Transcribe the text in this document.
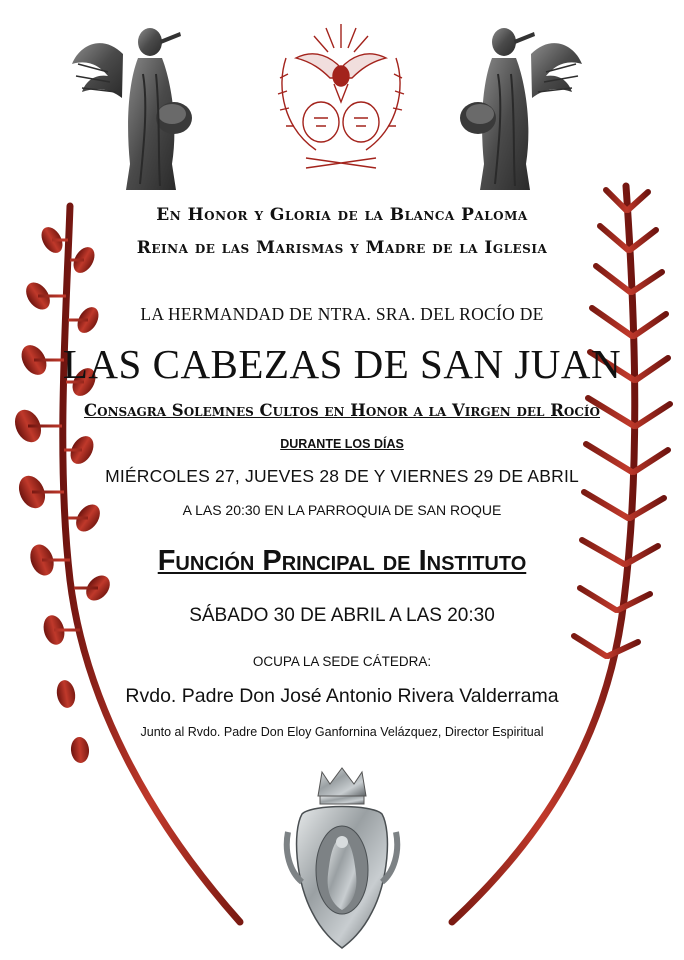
En Honor y Gloria de la Blanca Paloma
Reina de las Marismas y Madre de la Iglesia
LA HERMANDAD DE NTRA. SRA. DEL ROCÍO DE
LAS CABEZAS DE SAN JUAN
Consagra Solemnes Cultos en Honor a la Virgen del Rocío
DURANTE LOS DÍAS
MIÉRCOLES 27, JUEVES 28 DE Y VIERNES 29 DE ABRIL
A LAS 20:30 EN LA PARROQUIA DE SAN ROQUE
Función Principal de Instituto
SÁBADO 30 DE ABRIL A LAS 20:30
OCUPA LA SEDE CÁTEDRA:
Rvdo. Padre Don José Antonio Rivera Valderrama
Junto al Rvdo. Padre Don Eloy Ganfornina Velázquez, Director Espiritual
